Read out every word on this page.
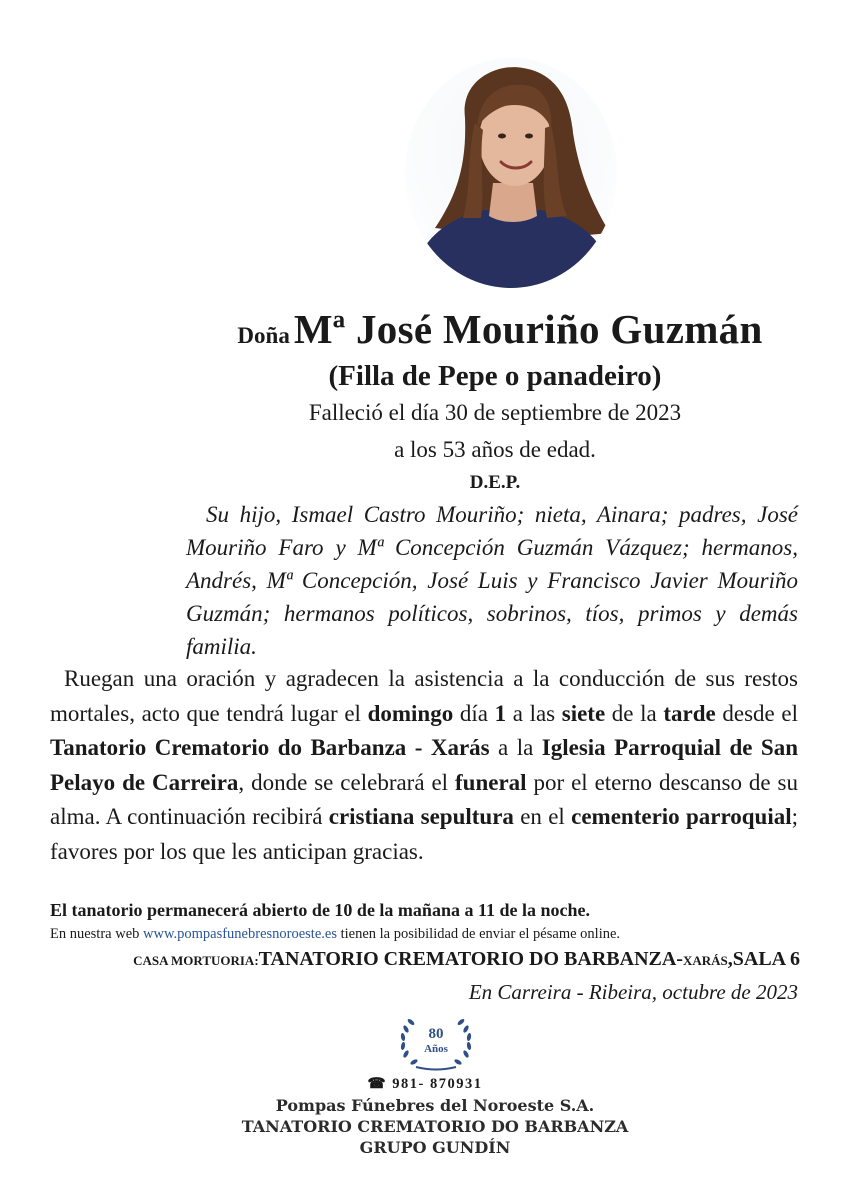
Doña Mª José Mouriño Guzmán
(Filla de Pepe o panadeiro)
Falleció el día 30 de septiembre de 2023
a los 53 años de edad.
D.E.P.
Su hijo, Ismael Castro Mouriño; nieta, Ainara; padres, José Mouriño Faro y Mª Concepción Guzmán Vázquez; hermanos, Andrés, Mª Concepción, José Luis y Francisco Javier Mouriño Guzmán; hermanos políticos, sobrinos, tíos, primos y demás familia.
Ruegan una oración y agradecen la asistencia a la conducción de sus restos mortales, acto que tendrá lugar el domingo día 1 a las siete de la tarde desde el Tanatorio Crematorio do Barbanza - Xarás a la Iglesia Parroquial de San Pelayo de Carreira, donde se celebrará el funeral por el eterno descanso de su alma. A continuación recibirá cristiana sepultura en el cementerio parroquial; favores por los que les anticipan gracias.
El tanatorio permanecerá abierto de 10 de la mañana a 11 de la noche.
En nuestra web www.pompasfunebresnoroeste.es tienen la posibilidad de enviar el pésame online.
CASA MORTUORIA:TANATORIO CREMATORIO DO BARBANZA-XARÁS,SALA 6
En Carreira - Ribeira, octubre de 2023
80
Años
☎ 981- 870931
Pompas Fúnebres del Noroeste S.A.
TANATORIO CREMATORIO DO BARBANZA
GRUPO GUNDÍN
